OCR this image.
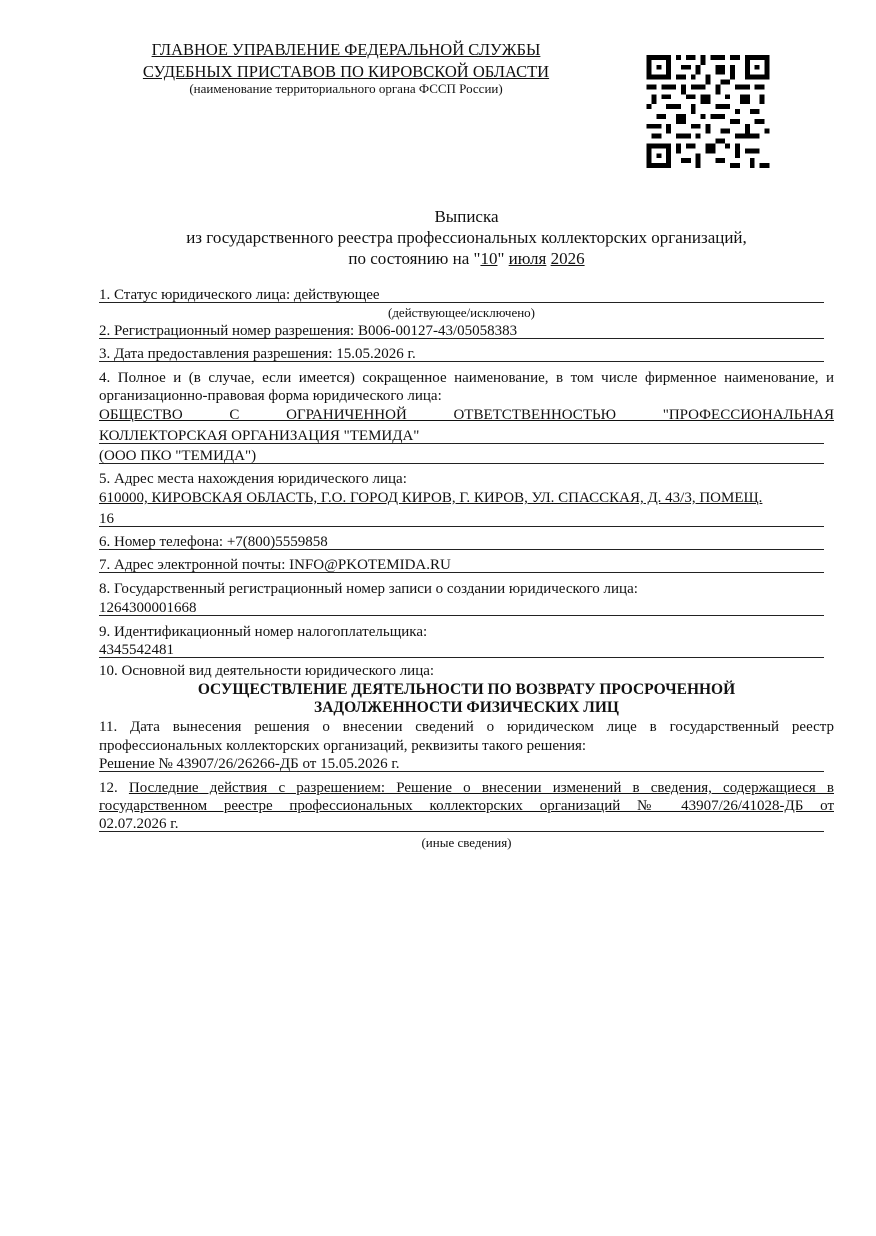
ГЛАВНОЕ УПРАВЛЕНИЕ ФЕДЕРАЛЬНОЙ СЛУЖБЫ
СУДЕБНЫХ ПРИСТАВОВ ПО КИРОВСКОЙ ОБЛАСТИ
(наименование территориального органа ФССП России)
Выписка
из государственного реестра профессиональных коллекторских организаций,
по состоянию на "10" июля 2026
1. Статус юридического лица: действующее
(действующее/исключено)
2. Регистрационный номер разрешения: В006-00127-43/05058383
3. Дата предоставления разрешения: 15.05.2026 г.
4. Полное и (в случае, если имеется) сокращенное наименование, в том числе фирменное наименование, и
организационно-правовая форма юридического лица:
ОБЩЕСТВО С ОГРАНИЧЕННОЙ ОТВЕТСТВЕННОСТЬЮ "ПРОФЕССИОНАЛЬНАЯ
КОЛЛЕКТОРСКАЯ ОРГАНИЗАЦИЯ "ТЕМИДА"
(ООО ПКО "ТЕМИДА")
5. Адрес места нахождения юридического лица:
610000, КИРОВСКАЯ ОБЛАСТЬ, Г.О. ГОРОД КИРОВ, Г. КИРОВ, УЛ. СПАССКАЯ, Д. 43/3, ПОМЕЩ.
16
6. Номер телефона: +7(800)5559858
7. Адрес электронной почты: INFO@PKOTEMIDA.RU
8. Государственный регистрационный номер записи о создании юридического лица:
1264300001668
9. Идентификационный номер налогоплательщика:
4345542481
10. Основной вид деятельности юридического лица:
ОСУЩЕСТВЛЕНИЕ ДЕЯТЕЛЬНОСТИ ПО ВОЗВРАТУ ПРОСРОЧЕННОЙ
ЗАДОЛЖЕННОСТИ ФИЗИЧЕСКИХ ЛИЦ
11. Дата вынесения решения о внесении сведений о юридическом лице в государственный реестр
профессиональных коллекторских организаций, реквизиты такого решения:
Решение № 43907/26/26266-ДБ от 15.05.2026 г.
12. Последние действия с разрешением: Решение о внесении изменений в сведения, содержащиеся в
государственном реестре профессиональных коллекторских организаций № 43907/26/41028-ДБ от
02.07.2026 г.
(иные сведения)
